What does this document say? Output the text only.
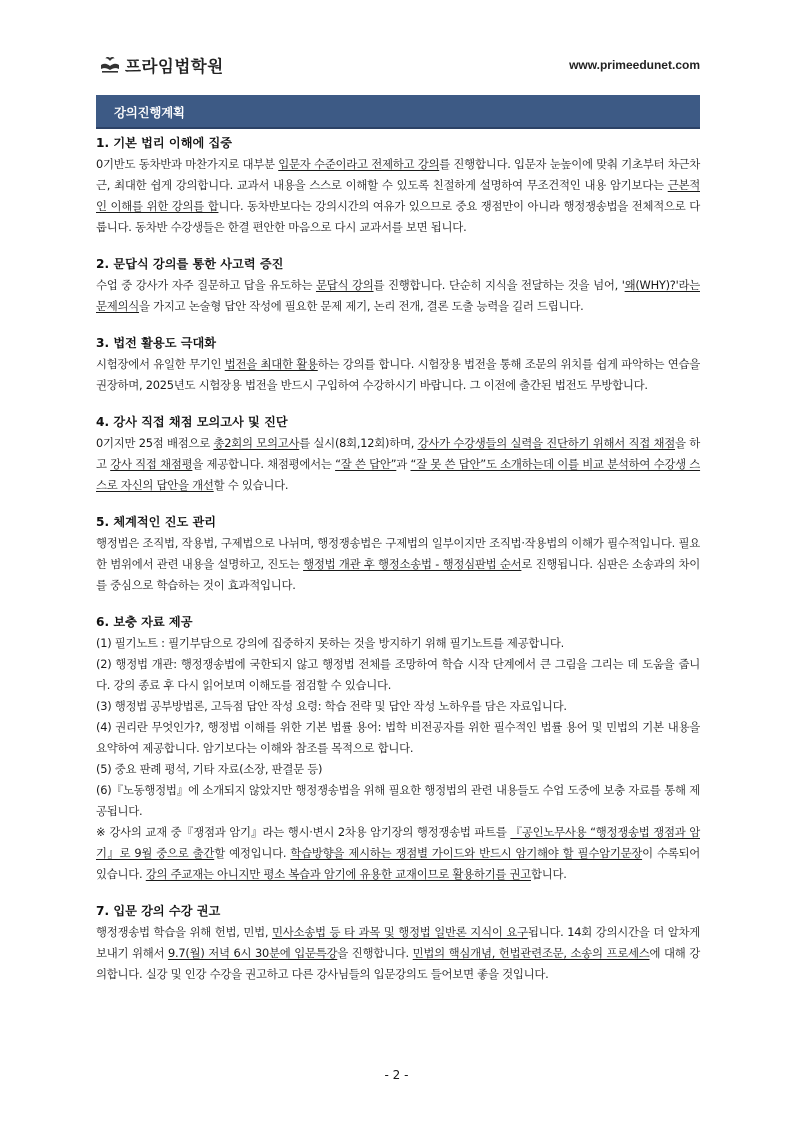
프라임법학원	www.primeedunet.com
강의진행계획
1. 기본 법리 이해에 집중

0기반도 동차반과 마찬가지로 대부분 입문자 수준이라고 전제하고 강의를 진행합니다. 입문자 눈높이에 맞춰 기초부터 차근차근, 최대한 쉽게 강의합니다. 교과서 내용을 스스로 이해할 수 있도록 친절하게 설명하여 무조건적인 내용 암기보다는 근본적인 이해를 위한 강의를 합니다. 동차반보다는 강의시간의 여유가 있으므로 중요 쟁점만이 아니라 행정쟁송법을 전체적으로 다룹니다. 동차반 수강생들은 한결 편안한 마음으로 다시 교과서를 보면 됩니다.

2. 문답식 강의를 통한 사고력 증진

수업 중 강사가 자주 질문하고 답을 유도하는 문답식 강의를 진행합니다. 단순히 지식을 전달하는 것을 넘어, '왜(WHY)?'라는 문제의식을 가지고 논술형 답안 작성에 필요한 문제 제기, 논리 전개, 결론 도출 능력을 길러 드립니다.

3. 법전 활용도 극대화

시험장에서 유일한 무기인 법전을 최대한 활용하는 강의를 합니다. 시험장용 법전을 통해 조문의 위치를 쉽게 파악하는 연습을 권장하며, 2025년도 시험장용 법전을 반드시 구입하여 수강하시기 바랍니다. 그 이전에 출간된 법전도 무방합니다.

4. 강사 직접 채점 모의고사 및 진단

0기지만 25점 배점으로 총2회의 모의고사를 실시(8회,12회)하며, 강사가 수강생들의 실력을 진단하기 위해서 직접 채점을 하고 강사 직접 채점평을 제공합니다. 채점평에서는 “잘 쓴 답안”과 “잘 못 쓴 답안”도 소개하는데 이를 비교 분석하여 수강생 스스로 자신의 답안을 개선할 수 있습니다.

5. 체계적인 진도 관리

행정법은 조직법, 작용법, 구제법으로 나뉘며, 행정쟁송법은 구제법의 일부이지만 조직법·작용법의 이해가 필수적입니다. 필요한 범위에서 관련 내용을 설명하고, 진도는 행정법 개관 후 행정소송법 - 행정심판법 순서로 진행됩니다. 심판은 소송과의 차이를 중심으로 학습하는 것이 효과적입니다.

6. 보충 자료 제공
(1) 필기노트 : 필기부담으로 강의에 집중하지 못하는 것을 방지하기 위해 필기노트를 제공합니다.
(2) 행정법 개관: 행정쟁송법에 국한되지 않고 행정법 전체를 조망하여 학습 시작 단계에서 큰 그림을 그리는 데 도움을 줍니다. 강의 종료 후 다시 읽어보며 이해도를 점검할 수 있습니다.
(3) 행정법 공부방법론, 고득점 답안 작성 요령: 학습 전략 및 답안 작성 노하우를 담은 자료입니다.
(4) 권리란 무엇인가?, 행정법 이해를 위한 기본 법률 용어: 법학 비전공자를 위한 필수적인 법률 용어 및 민법의 기본 내용을 요약하여 제공합니다. 암기보다는 이해와 참조를 목적으로 합니다.
(5) 중요 판례 평석, 기타 자료(소장, 판결문 등)
(6)『노동행정법』에 소개되지 않았지만 행정쟁송법을 위해 필요한 행정법의 관련 내용들도 수업 도중에 보충 자료를 통해 제공됩니다.
※ 강사의 교재 중『쟁점과 암기』라는 행시·변시 2차용 암기장의 행정쟁송법 파트를 『공인노무사용 “행정쟁송법 쟁점과 암기』로 9월 중으로 출간할 예정입니다. 학습방향을 제시하는 쟁점별 가이드와 반드시 암기해야 할 필수암기문장이 수록되어 있습니다. 강의 주교재는 아니지만 평소 복습과 암기에 유용한 교재이므로 활용하기를 권고합니다.
7. 입문 강의 수강 권고

행정쟁송법 학습을 위해 헌법, 민법, 민사소송법 등 타 과목 및 행정법 일반론 지식이 요구됩니다. 14회 강의시간을 더 알차게 보내기 위해서 9.7(월) 저녁 6시 30분에 입문특강을 진행합니다. 민법의 핵심개념, 헌법관련조문, 소송의 프로세스에 대해 강의합니다. 실강 및 인강 수강을 권고하고 다른 강사님들의 입문강의도 들어보면 좋을 것입니다.

- 2 -
